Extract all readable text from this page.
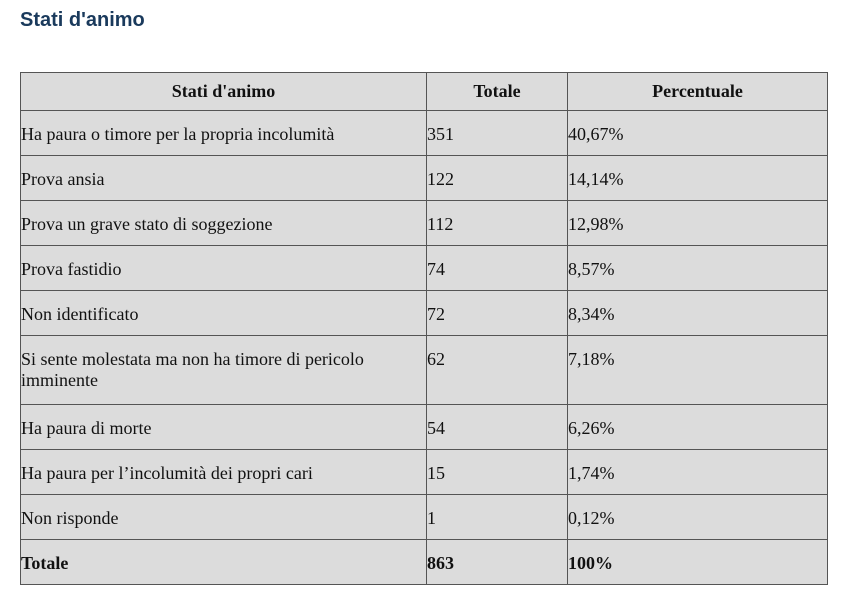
Stati d'animo
Stati d'animo	Totale	Percentuale
Ha paura o timore per la propria incolumità	351	40,67%
Prova ansia	122	14,14%
Prova un grave stato di soggezione	112	12,98%
Prova fastidio	74	8,57%
Non identificato	72	8,34%
Si sente molestata ma non ha timore di pericolo imminente	62	7,18%
Ha paura di morte	54	6,26%
Ha paura per l’incolumità dei propri cari	15	1,74%
Non risponde	1	0,12%
Totale	863	100%
